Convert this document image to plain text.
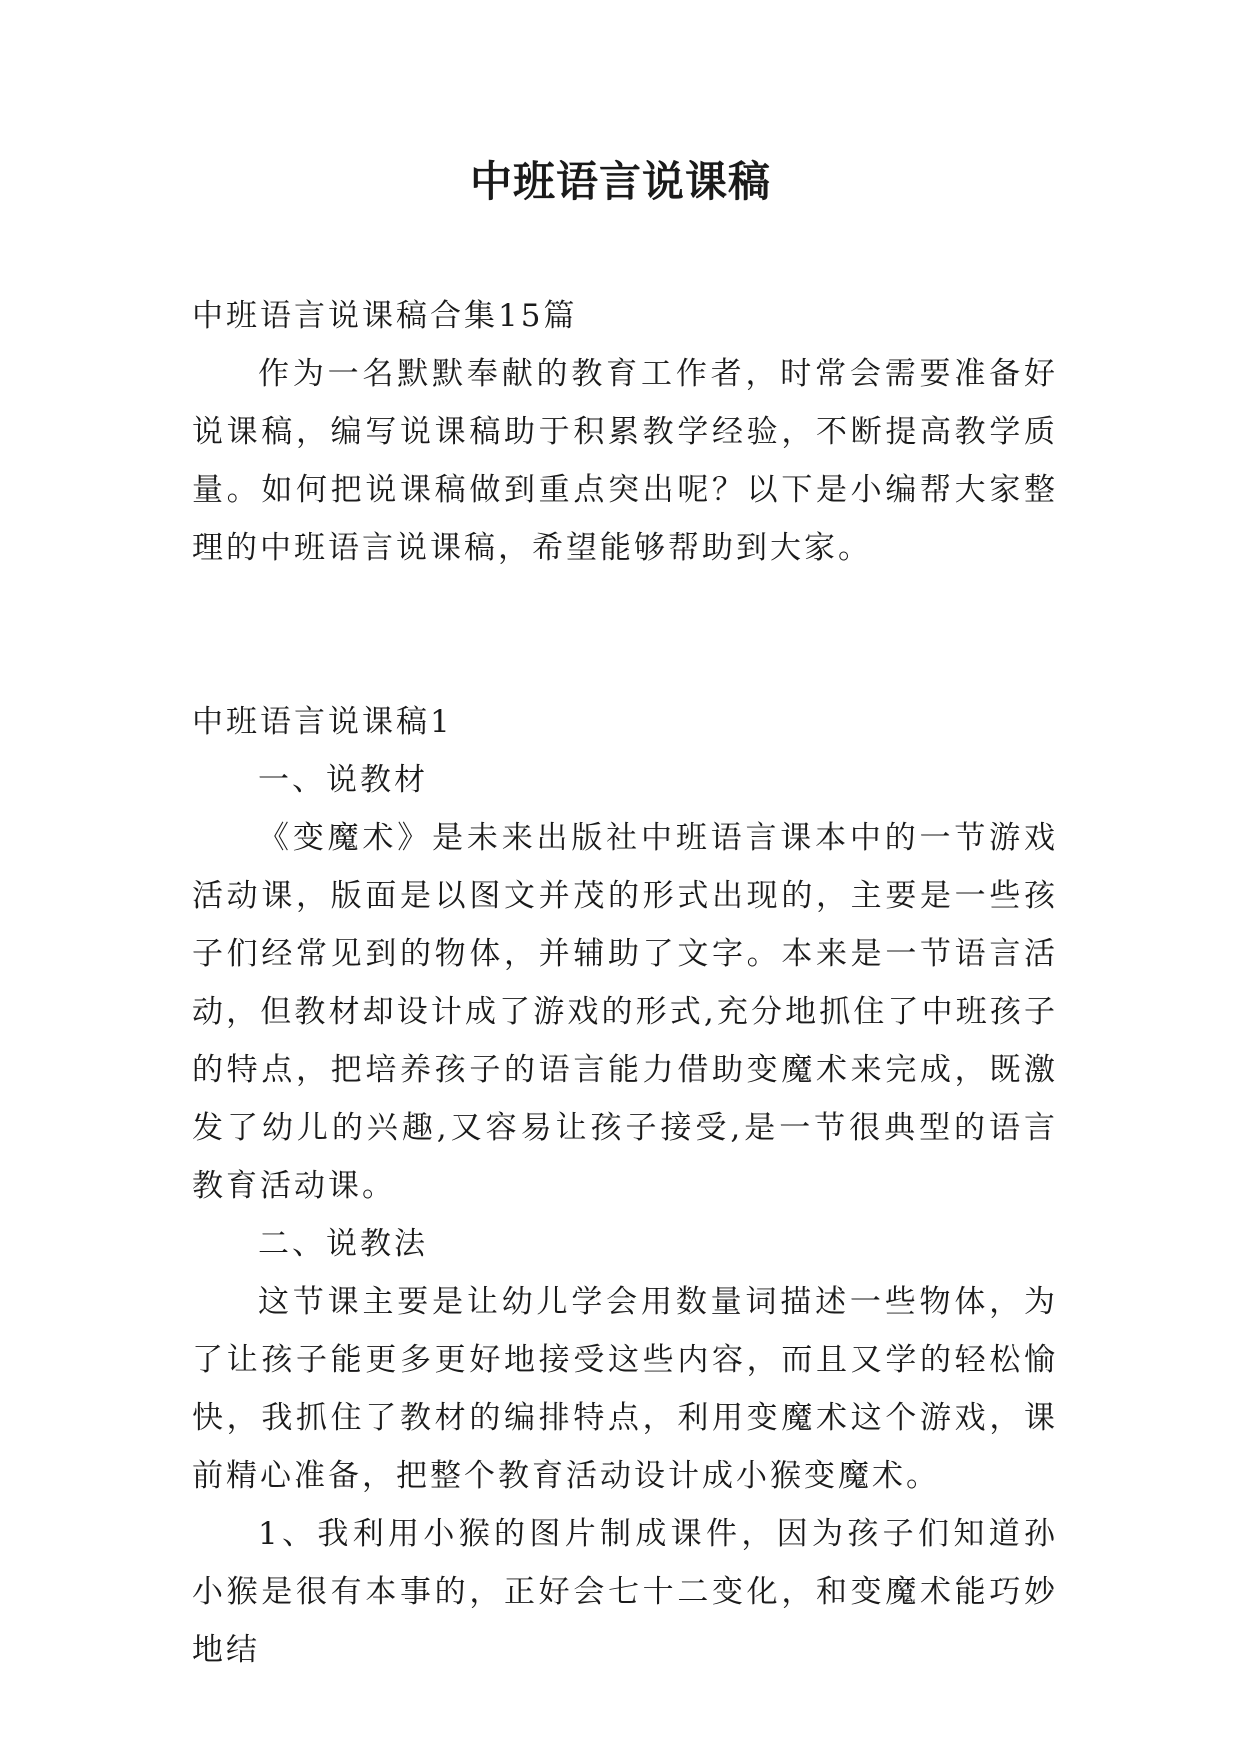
中班语言说课稿

中班语言说课稿合集15篇

作为一名默默奉献的教育工作者，时常会需要准备好说课稿，编写说课稿助于积累教学经验，不断提高教学质量。如何把说课稿做到重点突出呢？以下是小编帮大家整理的中班语言说课稿，希望能够帮助到大家。

中班语言说课稿1

一、说教材

《变魔术》是未来出版社中班语言课本中的一节游戏活动课，版面是以图文并茂的形式出现的，主要是一些孩子们经常见到的物体，并辅助了文字。本来是一节语言活动，但教材却设计成了游戏的形式,充分地抓住了中班孩子的特点，把培养孩子的语言能力借助变魔术来完成，既激发了幼儿的兴趣,又容易让孩子接受,是一节很典型的语言教育活动课。

二、说教法

这节课主要是让幼儿学会用数量词描述一些物体，为了让孩子能更多更好地接受这些内容，而且又学的轻松愉快，我抓住了教材的编排特点，利用变魔术这个游戏，课前精心准备，把整个教育活动设计成小猴变魔术。

1、我利用小猴的图片制成课件，因为孩子们知道孙小猴是很有本事的，正好会七十二变化，和变魔术能巧妙地结
